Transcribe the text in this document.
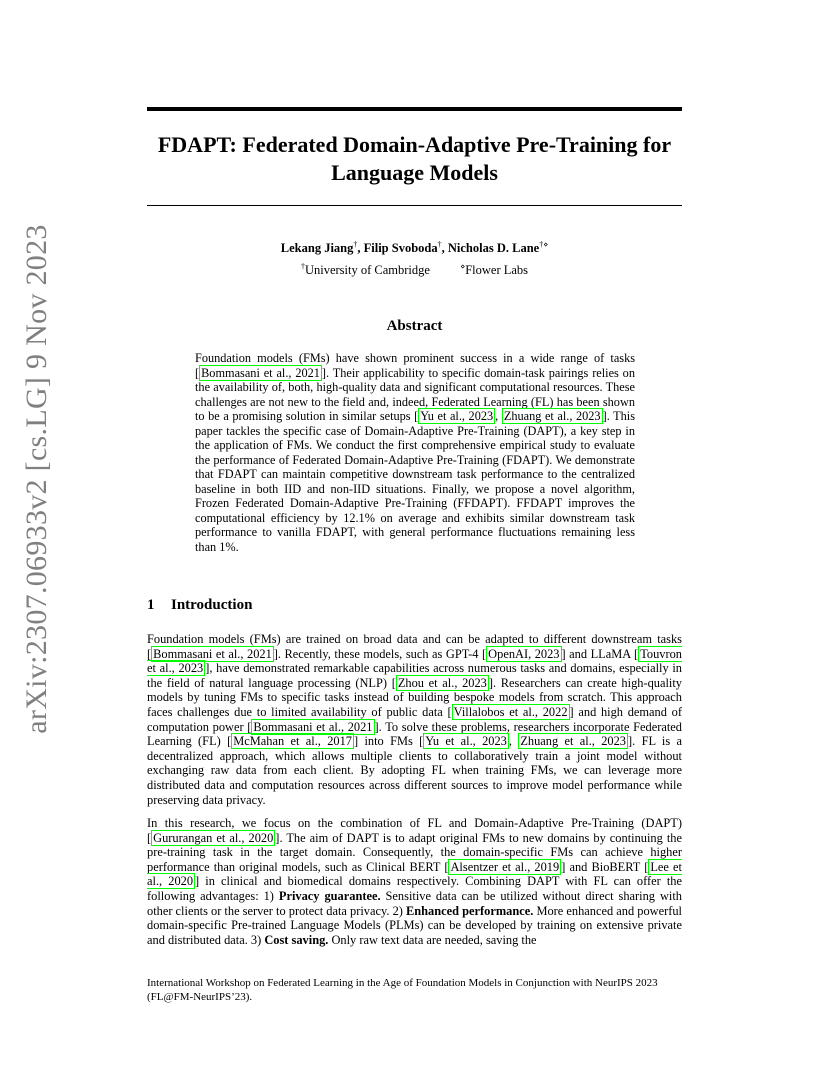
arXiv:2307.06933v2 [cs.LG] 9 Nov 2023
FDAPT: Federated Domain-Adaptive Pre-Training for
Language Models
Lekang Jiang†, Filip Svoboda†, Nicholas D. Lane†⋄
†University of Cambridge	⋄Flower Labs
Abstract

Foundation models (FMs) have shown prominent success in a wide range of tasks [ Bommasani et al., 2021 ]. Their applicability to specific domain-task pairings relies on the availability of, both, high-quality data and significant computational resources. These challenges are not new to the field and, indeed, Federated Learning (FL) has been shown to be a promising solution in similar setups [ Yu et al., 2023 , Zhuang et al., 2023 ]. This paper tackles the specific case of Domain-Adaptive Pre-Training (DAPT), a key step in the application of FMs. We conduct the first comprehensive empirical study to evaluate the performance of Federated Domain-Adaptive Pre-Training (FDAPT). We demonstrate that FDAPT can maintain competitive downstream task performance to the centralized baseline in both IID and non-IID situations. Finally, we propose a novel algorithm, Frozen Federated Domain-Adaptive Pre-Training (FFDAPT). FFDAPT improves the computational efficiency by 12.1% on average and exhibits similar downstream task performance to vanilla FDAPT, with general performance fluctuations remaining less than 1%.

1 Introduction

Foundation models (FMs) are trained on broad data and can be adapted to different downstream tasks [ Bommasani et al., 2021 ]. Recently, these models, such as GPT-4 [ OpenAI, 2023 ] and LLaMA [ Touvron et al., 2023 ], have demonstrated remarkable capabilities across numerous tasks and domains, especially in the field of natural language processing (NLP) [ Zhou et al., 2023 ]. Researchers can create high-quality models by tuning FMs to specific tasks instead of building bespoke models from scratch. This approach faces challenges due to limited availability of public data [ Villalobos et al., 2022 ] and high demand of computation power [ Bommasani et al., 2021 ]. To solve these problems, researchers incorporate Federated Learning (FL) [ McMahan et al., 2017 ] into FMs [ Yu et al., 2023 , Zhuang et al., 2023 ]. FL is a decentralized approach, which allows multiple clients to collaboratively train a joint model without exchanging raw data from each client. By adopting FL when training FMs, we can leverage more distributed data and computation resources across different sources to improve model performance while preserving data privacy.

In this research, we focus on the combination of FL and Domain-Adaptive Pre-Training (DAPT) [ Gururangan et al., 2020 ]. The aim of DAPT is to adapt original FMs to new domains by continuing the pre-training task in the target domain. Consequently, the domain-specific FMs can achieve higher performance than original models, such as Clinical BERT [ Alsentzer et al., 2019 ] and BioBERT [ Lee et al., 2020 ] in clinical and biomedical domains respectively. Combining DAPT with FL can offer the following advantages: 1) Privacy guarantee. Sensitive data can be utilized without direct sharing with other clients or the server to protect data privacy. 2) Enhanced performance. More enhanced and powerful domain-specific Pre-trained Language Models (PLMs) can be developed by training on extensive private and distributed data. 3) Cost saving. Only raw text data are needed, saving the

International Workshop on Federated Learning in the Age of Foundation Models in Conjunction with NeurIPS 2023 (FL@FM-NeurIPS’23).
